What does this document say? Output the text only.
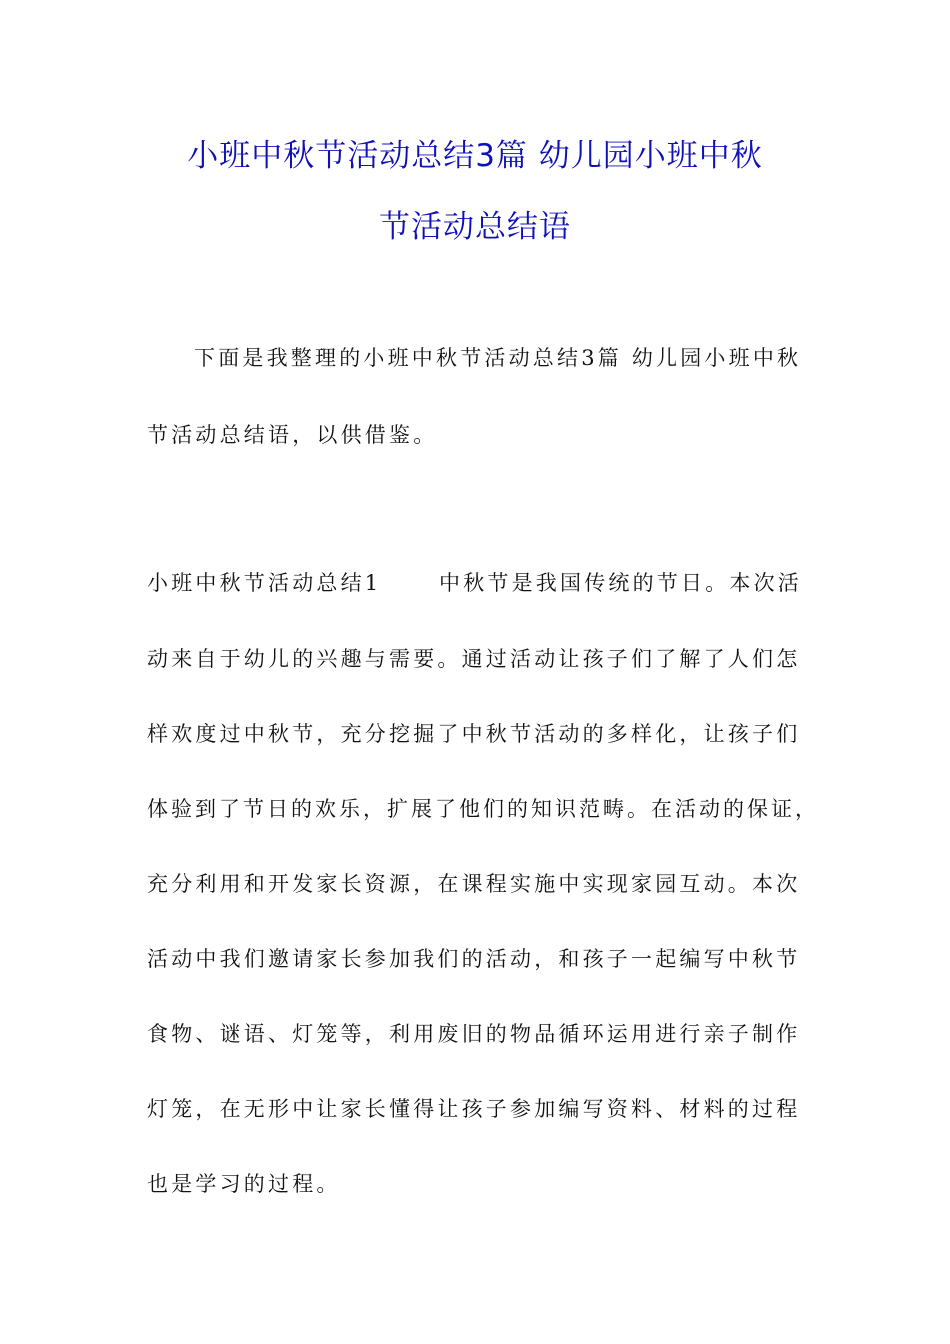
小班中秋节活动总结3篇 幼儿园小班中秋
节活动总结语
下面是我整理的小班中秋节活动总结3篇 幼儿园小班中秋
节活动总结语，以供借鉴。
小班中秋节活动总结1	中秋节是我国传统的节日。本次活
动来自于幼儿的兴趣与需要。通过活动让孩子们了解了人们怎
样欢度过中秋节，充分挖掘了中秋节活动的多样化，让孩子们
体验到了节日的欢乐，扩展了他们的知识范畴。在活动的保证，
充分利用和开发家长资源，在课程实施中实现家园互动。本次
活动中我们邀请家长参加我们的活动，和孩子一起编写中秋节
食物、谜语、灯笼等，利用废旧的物品循环运用进行亲子制作
灯笼，在无形中让家长懂得让孩子参加编写资料、材料的过程
也是学习的过程。
